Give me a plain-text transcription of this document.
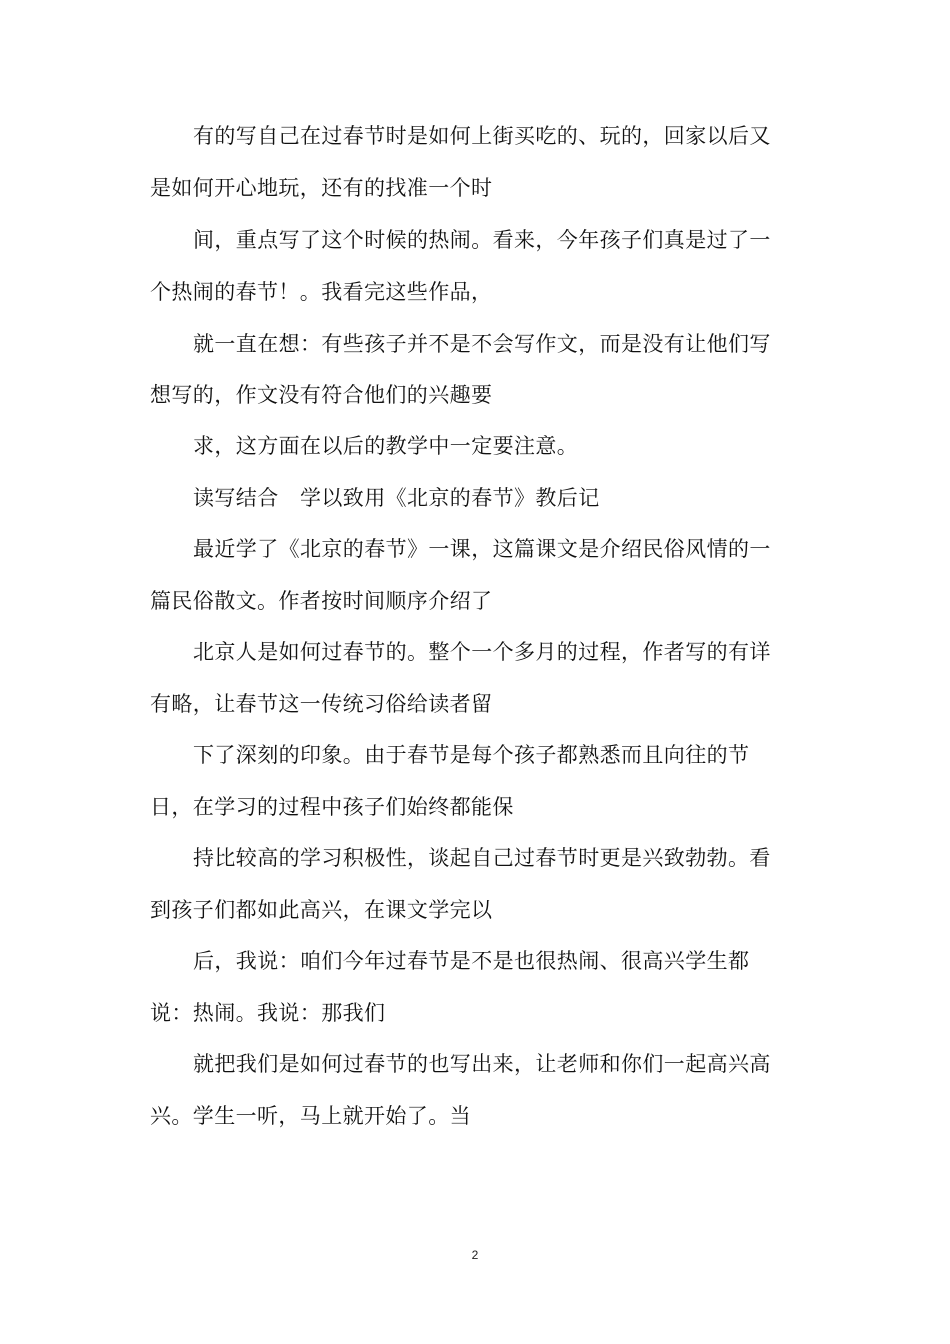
有的写自己在过春节时是如何上街买吃的、玩的，回家以后又
是如何开心地玩，还有的找准一个时
间，重点写了这个时候的热闹。看来，今年孩子们真是过了一
个热闹的春节！。我看完这些作品，
就一直在想：有些孩子并不是不会写作文，而是没有让他们写
想写的，作文没有符合他们的兴趣要
求，这方面在以后的教学中一定要注意。
读写结合　学以致用《北京的春节》教后记
最近学了《北京的春节》一课，这篇课文是介绍民俗风情的一
篇民俗散文。作者按时间顺序介绍了
北京人是如何过春节的。整个一个多月的过程，作者写的有详
有略，让春节这一传统习俗给读者留
下了深刻的印象。由于春节是每个孩子都熟悉而且向往的节
日，在学习的过程中孩子们始终都能保
持比较高的学习积极性，谈起自己过春节时更是兴致勃勃。看
到孩子们都如此高兴，在课文学完以
后，我说：咱们今年过春节是不是也很热闹、很高兴学生都
说：热闹。我说：那我们
就把我们是如何过春节的也写出来，让老师和你们一起高兴高
兴。学生一听，马上就开始了。当
2
